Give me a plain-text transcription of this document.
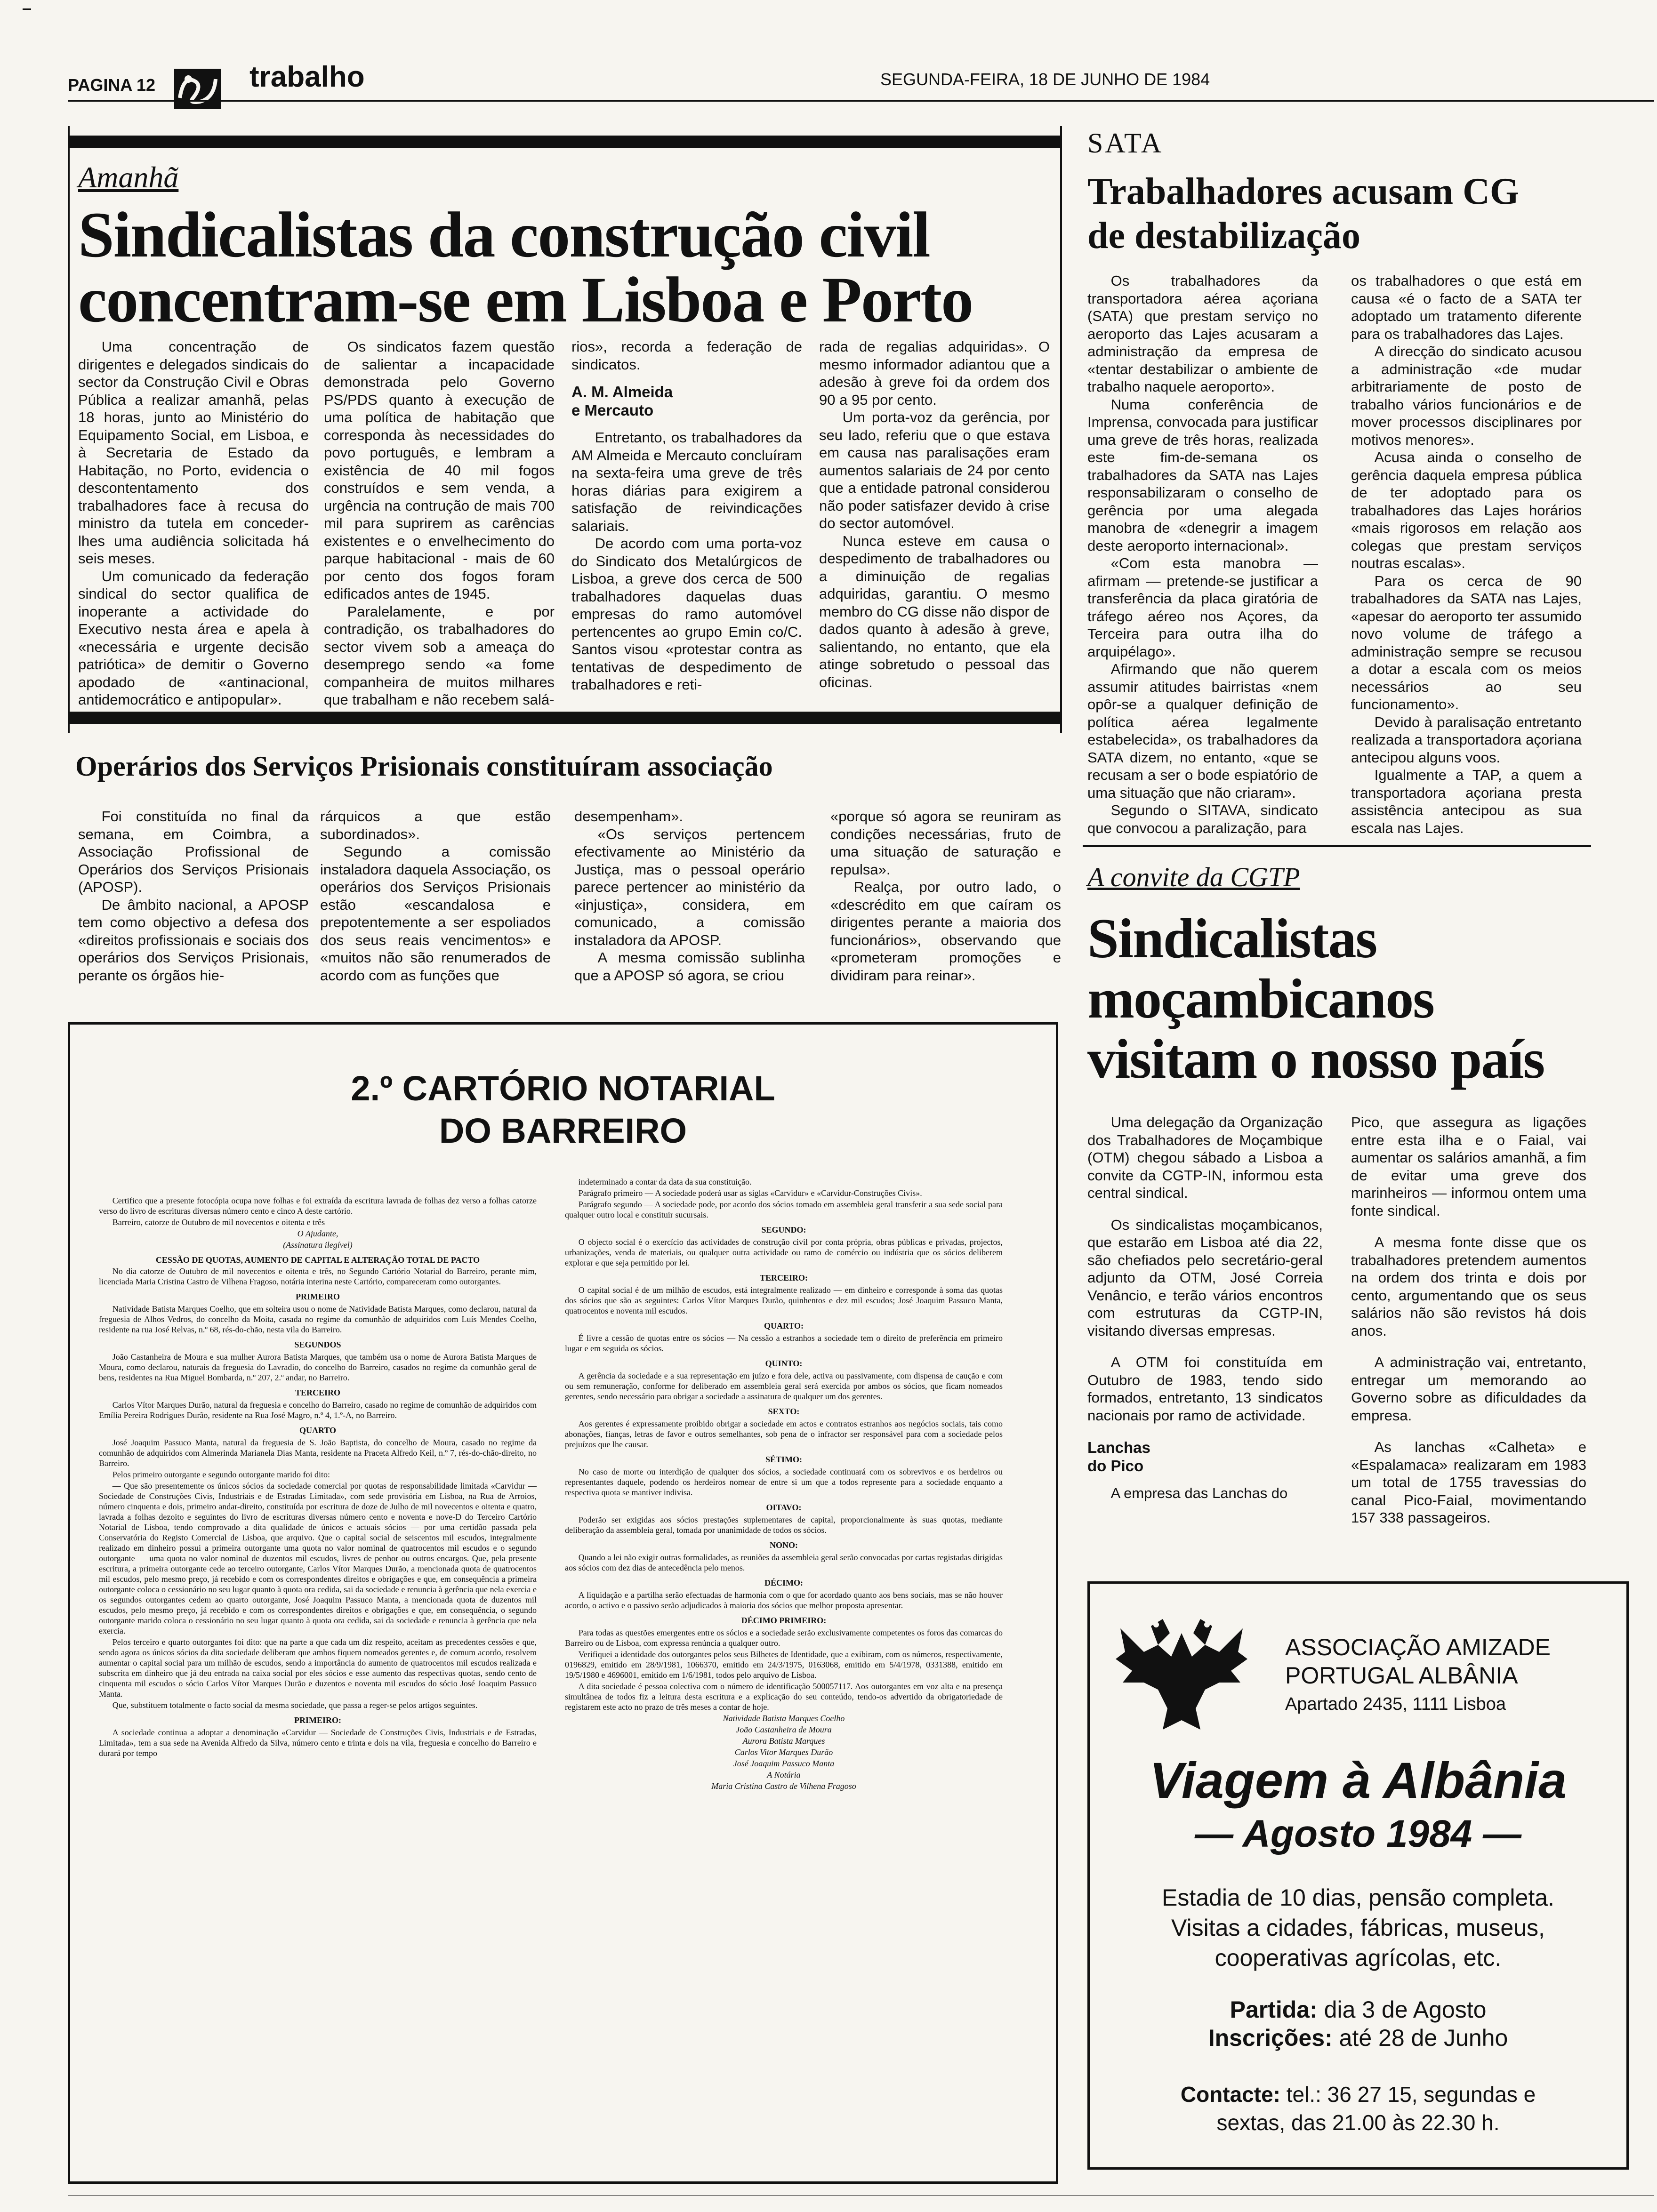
PAGINA 12	trabalho	SEGUNDA-FEIRA, 18 DE JUNHO DE 1984
Amanhã
Sindicalistas da construção civil
concentram-se em Lisboa e Porto

Uma concentração de dirigentes e delegados sindicais do sector da Construção Civil e Obras Pública a realizar amanhã, pelas 18 horas, junto ao Ministério do Equipamento Social, em Lisboa, e à Secretaria de Estado da Habitação, no Porto, evidencia o descontentamento dos trabalhadores face à recusa do ministro da tutela em conceder-lhes uma audiência solicitada há seis meses.

Um comunicado da federação sindical do sector qualifica de inoperante a actividade do Executivo nesta área e apela à «necessária e urgente decisão patriótica» de demitir o Governo apodado de «antinacional, antidemocrático e antipopular».

Os sindicatos fazem questão de salientar a incapacidade demonstrada pelo Governo PS/PDS quanto à execução de uma política de habitação que corresponda às necessidades do povo português, e lembram a existência de 40 mil fogos construídos e sem venda, a urgência na contrução de mais 700 mil para suprirem as carências existentes e o envelhecimento do parque habitacional - mais de 60 por cento dos fogos foram edificados antes de 1945.

Paralelamente, e por contradição, os trabalhadores do sector vivem sob a ameaça do desemprego sendo «a fome companheira de muitos milhares que trabalham e não recebem salá-

rios», recorda a federação de sindicatos.

A. M. Almeida
e Mercauto

Entretanto, os trabalhadores da AM Almeida e Mercauto concluíram na sexta-feira uma greve de três horas diárias para exigirem a satisfação de reivindicações salariais.

De acordo com uma porta-voz do Sindicato dos Metalúrgicos de Lisboa, a greve dos cerca de 500 trabalhadores daquelas duas empresas do ramo automóvel pertencentes ao grupo Emin co/C. Santos visou «protestar contra as tentativas de despedimento de trabalhadores e reti-

rada de regalias adquiridas». O mesmo informador adiantou que a adesão à greve foi da ordem dos 90 a 95 por cento.

Um porta-voz da gerência, por seu lado, referiu que o que estava em causa nas paralisações eram aumentos salariais de 24 por cento que a entidade patronal considerou não poder satisfazer devido à crise do sector automóvel.

Nunca esteve em causa o despedimento de trabalhadores ou a diminuição de regalias adquiridas, garantiu. O mesmo membro do CG disse não dispor de dados quanto à adesão à greve, salientando, no entanto, que ela atinge sobretudo o pessoal das oficinas.

Operários dos Serviços Prisionais constituíram associação

Foi constituída no final da semana, em Coimbra, a Associação Profissional de Operários dos Serviços Prisionais (APOSP).

De âmbito nacional, a APOSP tem como objectivo a defesa dos «direitos profissionais e sociais dos operários dos Serviços Prisionais, perante os órgãos hie-

rárquicos a que estão subordinados».

Segundo a comissão instaladora daquela Associação, os operários dos Serviços Prisionais estão «escandalosa e prepotentemente a ser espoliados dos seus reais vencimentos» e «muitos não são renumerados de acordo com as funções que

desempenham».

«Os serviços pertencem efectivamente ao Ministério da Justiça, mas o pessoal operário parece pertencer ao ministério da «injustiça», considera, em comunicado, a comissão instaladora da APOSP.

A mesma comissão sublinha que a APOSP só agora, se criou

«porque só agora se reuniram as condições necessárias, fruto de uma situação de saturação e repulsa».

Realça, por outro lado, o «descrédito em que caíram os dirigentes perante a maioria dos funcionários», observando que «prometeram promoções e dividiram para reinar».

2.º CARTÓRIO NOTARIAL
DO BARREIRO

Certifico que a presente fotocópia ocupa nove folhas e foi extraída da escritura lavrada de folhas dez verso a folhas catorze verso do livro de escrituras diversas número cento e cinco A deste cartório.

Barreiro, catorze de Outubro de mil novecentos e oitenta e três

O Ajudante,

(Assinatura ilegível)

CESSÃO DE QUOTAS, AUMENTO DE CAPITAL E ALTERAÇÃO TOTAL DE PACTO

No dia catorze de Outubro de mil novecentos e oitenta e três, no Segundo Cartório Notarial do Barreiro, perante mim, licenciada Maria Cristina Castro de Vilhena Fragoso, notária interina neste Cartório, compareceram como outorgantes.

PRIMEIRO

Natividade Batista Marques Coelho, que em solteira usou o nome de Natividade Batista Marques, como declarou, natural da freguesia de Alhos Vedros, do concelho da Moita, casada no regime da comunhão de adquiridos com Luís Mendes Coelho, residente na rua José Relvas, n.º 68, rés-do-chão, nesta vila do Barreiro.

SEGUNDOS

João Castanheira de Moura e sua mulher Aurora Batista Marques, que também usa o nome de Aurora Batista Marques de Moura, como declarou, naturais da freguesia do Lavradio, do concelho do Barreiro, casados no regime da comunhão geral de bens, residentes na Rua Miguel Bombarda, n.º 207, 2.º andar, no Barreiro.

TERCEIRO

Carlos Vítor Marques Durão, natural da freguesia e concelho do Barreiro, casado no regime de comunhão de adquiridos com Emília Pereira Rodrigues Durão, residente na Rua José Magro, n.º 4, 1.º-A, no Barreiro.

QUARTO

José Joaquim Passuco Manta, natural da freguesia de S. João Baptista, do concelho de Moura, casado no regime da comunhão de adquiridos com Almerinda Marianela Dias Manta, residente na Praceta Alfredo Keil, n.º 7, rés-do-chão-direito, no Barreiro.

Pelos primeiro outorgante e segundo outorgante marido foi dito:

— Que são presentemente os únicos sócios da sociedade comercial por quotas de responsabilidade limitada «Carvidur — Sociedade de Construções Civis, Industriais e de Estradas Limitada», com sede provisória em Lisboa, na Rua de Arroios, número cinquenta e dois, primeiro andar-direito, constituída por escritura de doze de Julho de mil novecentos e oitenta e quatro, lavrada a folhas dezoito e seguintes do livro de escrituras diversas número cento e noventa e nove-D do Terceiro Cartório Notarial de Lisboa, tendo comprovado a dita qualidade de únicos e actuais sócios — por uma certidão passada pela Conservatória do Registo Comercial de Lisboa, que arquivo. Que o capital social de seiscentos mil escudos, integralmente realizado em dinheiro possui a primeira outorgante uma quota no valor nominal de quatrocentos mil escudos e o segundo outorgante — uma quota no valor nominal de duzentos mil escudos, livres de penhor ou outros encargos. Que, pela presente escritura, a primeira outorgante cede ao terceiro outorgante, Carlos Vítor Marques Durão, a mencionada quota de quatrocentos mil escudos, pelo mesmo preço, já recebido e com os correspondentes direitos e obrigações e que, em consequência a primeira outorgante coloca o cessionário no seu lugar quanto à quota ora cedida, sai da sociedade e renuncia à gerência que nela exercia e os segundos outorgantes cedem ao quarto outorgante, José Joaquim Passuco Manta, a mencionada quota de duzentos mil escudos, pelo mesmo preço, já recebido e com os correspondentes direitos e obrigações e que, em consequência, o segundo outorgante marido coloca o cessionário no seu lugar quanto à quota ora cedida, sai da sociedade e renuncia à gerência que nela exercia.

Pelos terceiro e quarto outorgantes foi dito: que na parte a que cada um diz respeito, aceitam as precedentes cessões e que, sendo agora os únicos sócios da dita sociedade deliberam que ambos fiquem nomeados gerentes e, de comum acordo, resolvem aumentar o capital social para um milhão de escudos, sendo a importância do aumento de quatrocentos mil escudos realizada e subscrita em dinheiro que já deu entrada na caixa social por eles sócios e esse aumento das respectivas quotas, sendo cento de cinquenta mil escudos o sócio Carlos Vítor Marques Durão e duzentos e noventa mil escudos do sócio José Joaquim Passuco Manta.

Que, substituem totalmente o facto social da mesma sociedade, que passa a reger-se pelos artigos seguintes.

PRIMEIRO:

A sociedade continua a adoptar a denominação «Carvidur — Sociedade de Construções Civis, Industriais e de Estradas, Limitada», tem a sua sede na Avenida Alfredo da Silva, número cento e trinta e dois na vila, freguesia e concelho do Barreiro e durará por tempo

indeterminado a contar da data da sua constituição.

Parágrafo primeiro — A sociedade poderá usar as siglas «Carvidur» e «Carvidur-Construções Civis».

Parágrafo segundo — A sociedade pode, por acordo dos sócios tomado em assembleia geral transferir a sua sede social para qualquer outro local e constituir sucursais.

SEGUNDO:

O objecto social é o exercício das actividades de construção civil por conta própria, obras públicas e privadas, projectos, urbanizações, venda de materiais, ou qualquer outra actividade ou ramo de comércio ou indústria que os sócios deliberem explorar e que seja permitido por lei.

TERCEIRO:

O capital social é de um milhão de escudos, está integralmente realizado — em dinheiro e corresponde à soma das quotas dos sócios que são as seguintes: Carlos Vítor Marques Durão, quinhentos e dez mil escudos; José Joaquim Passuco Manta, quatrocentos e noventa mil escudos.

QUARTO:

É livre a cessão de quotas entre os sócios — Na cessão a estranhos a sociedade tem o direito de preferência em primeiro lugar e em seguida os sócios.

QUINTO:

A gerência da sociedade e a sua representação em juízo e fora dele, activa ou passivamente, com dispensa de caução e com ou sem remuneração, conforme for deliberado em assembleia geral será exercida por ambos os sócios, que ficam nomeados gerentes, sendo necessário para obrigar a sociedade a assinatura de qualquer um dos gerentes.

SEXTO:

Aos gerentes é expressamente proibido obrigar a sociedade em actos e contratos estranhos aos negócios sociais, tais como abonações, fianças, letras de favor e outros semelhantes, sob pena de o infractor ser responsável para com a sociedade pelos prejuízos que lhe causar.

SÉTIMO:

No caso de morte ou interdição de qualquer dos sócios, a sociedade continuará com os sobrevivos e os herdeiros ou representantes daquele, podendo os herdeiros nomear de entre si um que a todos represente para a sociedade enquanto a respectiva quota se mantiver indivisa.

OITAVO:

Poderão ser exigidas aos sócios prestações suplementares de capital, proporcionalmente às suas quotas, mediante deliberação da assembleia geral, tomada por unanimidade de todos os sócios.

NONO:

Quando a lei não exigir outras formalidades, as reuniões da assembleia geral serão convocadas por cartas registadas dirigidas aos sócios com dez dias de antecedência pelo menos.

DÉCIMO:

A liquidação e a partilha serão efectuadas de harmonia com o que for acordado quanto aos bens sociais, mas se não houver acordo, o activo e o passivo serão adjudicados à maioria dos sócios que melhor proposta apresentar.

DÉCIMO PRIMEIRO:

Para todas as questões emergentes entre os sócios e a sociedade serão exclusivamente competentes os foros das comarcas do Barreiro ou de Lisboa, com expressa renúncia a qualquer outro.

Verifiquei a identidade dos outorgantes pelos seus Bilhetes de Identidade, que a exibiram, com os números, respectivamente, 0196829, emitido em 28/9/1981, 1066370, emitido em 24/3/1975, 0163068, emitido em 5/4/1978, 0331388, emitido em 19/5/1980 e 4696001, emitido em 1/6/1981, todos pelo arquivo de Lisboa.

A dita sociedade é pessoa colectiva com o número de identificação 500057117. Aos outorgantes em voz alta e na presença simultânea de todos fiz a leitura desta escritura e a explicação do seu conteúdo, tendo-os advertido da obrigatoriedade de registarem este acto no prazo de três meses a contar de hoje.

Natividade Batista Marques Coelho

João Castanheira de Moura

Aurora Batista Marques

Carlos Vitor Marques Durão

José Joaquim Passuco Manta

A Notária

Maria Cristina Castro de Vilhena Fragoso

SATA
Trabalhadores acusam CG
de destabilização

Os trabalhadores da transportadora aérea açoriana (SATA) que prestam serviço no aeroporto das Lajes acusaram a administração da empresa de «tentar destabilizar o ambiente de trabalho naquele aeroporto».

Numa conferência de Imprensa, convocada para justificar uma greve de três horas, realizada este fim-de-semana os trabalhadores da SATA nas Lajes responsabilizaram o conselho de gerência por uma alegada manobra de «denegrir a imagem deste aeroporto internacional».

«Com esta manobra — afirmam — pretende-se justificar a transferência da placa giratória de tráfego aéreo nos Açores, da Terceira para outra ilha do arquipélago».

Afirmando que não querem assumir atitudes bairristas «nem opôr-se a qualquer definição de política aérea legalmente estabelecida», os trabalhadores da SATA dizem, no entanto, «que se recusam a ser o bode espiatório de uma situação que não criaram».

Segundo o SITAVA, sindicato que convocou a paralização, para

os trabalhadores o que está em causa «é o facto de a SATA ter adoptado um tratamento diferente para os trabalhadores das Lajes.

A direcção do sindicato acusou a administração «de mudar arbitrariamente de posto de trabalho vários funcionários e de mover processos disciplinares por motivos menores».

Acusa ainda o conselho de gerência daquela empresa pública de ter adoptado para os trabalhadores das Lajes horários «mais rigorosos em relação aos colegas que prestam serviços noutras escalas».

Para os cerca de 90 trabalhadores da SATA nas Lajes, «apesar do aeroporto ter assumido novo volume de tráfego a administração sempre se recusou a dotar a escala com os meios necessários ao seu funcionamento».

Devido à paralisação entretanto realizada a transportadora açoriana antecipou alguns voos.

Igualmente a TAP, a quem a transportadora açoriana presta assistência antecipou as sua escala nas Lajes.

A convite da CGTP
Sindicalistas
moçambicanos
visitam o nosso país

Uma delegação da Organização dos Trabalhadores de Moçambique (OTM) chegou sábado a Lisboa a convite da CGTP-IN, informou esta central sindical.

Os sindicalistas moçambicanos, que estarão em Lisboa até dia 22, são chefiados pelo secretário-geral adjunto da OTM, José Correia Venâncio, e terão vários encontros com estruturas da CGTP-IN, visitando diversas empresas.

A OTM foi constituída em Outubro de 1983, tendo sido formados, entretanto, 13 sindicatos nacionais por ramo de actividade.

Lanchas
do Pico

A empresa das Lanchas do

Pico, que assegura as ligações entre esta ilha e o Faial, vai aumentar os salários amanhã, a fim de evitar uma greve dos marinheiros — informou ontem uma fonte sindical.

A mesma fonte disse que os trabalhadores pretendem aumentos na ordem dos trinta e dois por cento, argumentando que os seus salários não são revistos há dois anos.

A administração vai, entretanto, entregar um memorando ao Governo sobre as dificuldades da empresa.

As lanchas «Calheta» e «Espalamaca» realizaram em 1983 um total de 1755 travessias do canal Pico-Faial, movimentando 157 338 passageiros.

ASSOCIAÇÃO AMIZADE
PORTUGAL ALBÂNIA
Apartado 2435, 1111 Lisboa
Viagem à Albânia
— Agosto 1984 —
Estadia de 10 dias, pensão completa.
Visitas a cidades, fábricas, museus,
cooperativas agrícolas, etc.
Partida: dia 3 de Agosto
Inscrições: até 28 de Junho
Contacte: tel.: 36 27 15, segundas e
sextas, das 21.00 às 22.30 h.
